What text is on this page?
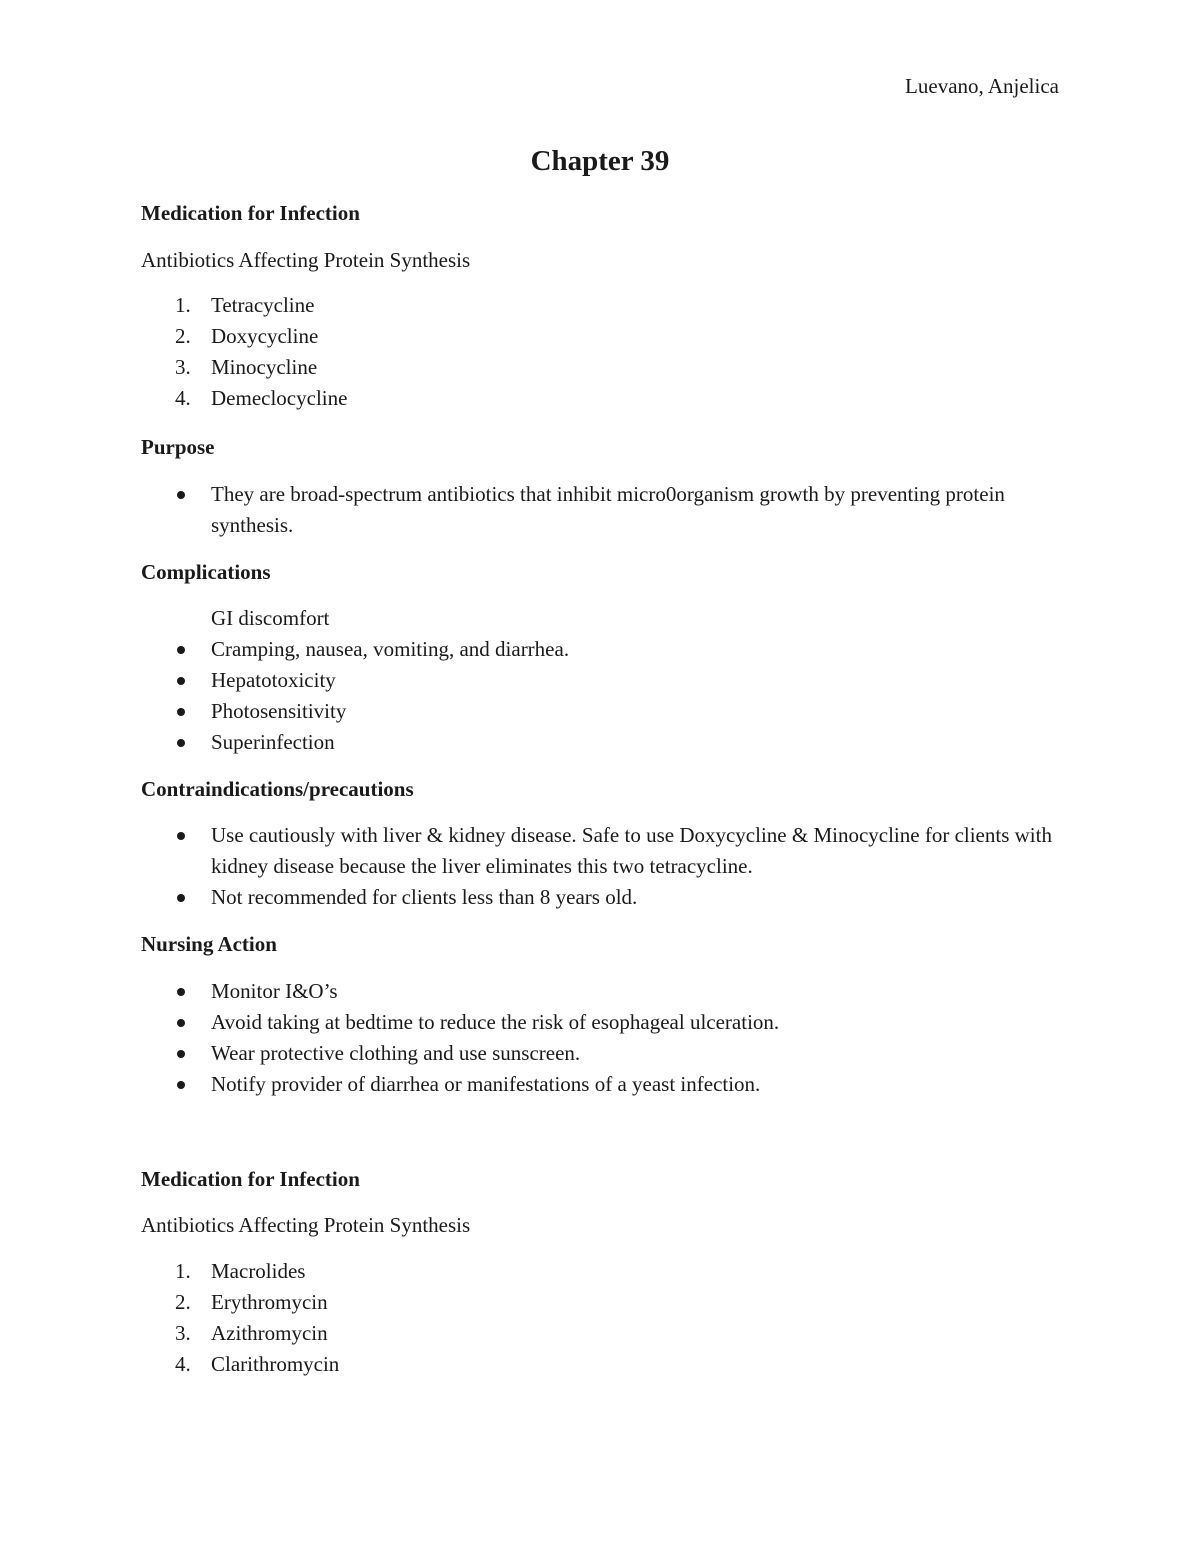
Luevano, Anjelica

Chapter 39
Medication for Infection
Antibiotics Affecting Protein Synthesis
1. Tetracycline
2. Doxycycline
3. Minocycline
4. Demeclocycline
Purpose
They are broad-spectrum antibiotics that inhibit micro0organism growth by preventing protein synthesis.
Complications
GI discomfort
Cramping, nausea, vomiting, and diarrhea.
Hepatotoxicity
Photosensitivity
Superinfection
Contraindications/precautions
Use cautiously with liver & kidney disease. Safe to use Doxycycline & Minocycline for clients with kidney disease because the liver eliminates this two tetracycline.
Not recommended for clients less than 8 years old.
Nursing Action
Monitor I&O’s
Avoid taking at bedtime to reduce the risk of esophageal ulceration.
Wear protective clothing and use sunscreen.
Notify provider of diarrhea or manifestations of a yeast infection.
Medication for Infection
Antibiotics Affecting Protein Synthesis
1. Macrolides
2. Erythromycin
3. Azithromycin
4. Clarithromycin
